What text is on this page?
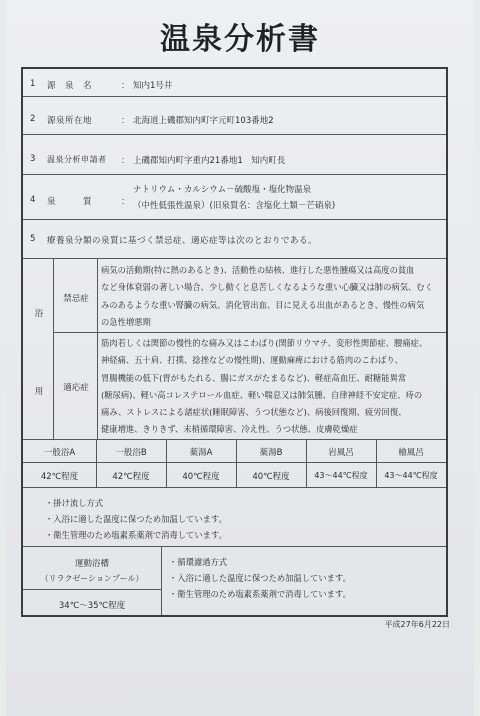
温泉分析書
1 源　泉　名	： 知内1号井
2 源泉所在地	： 北海道上磯郡知内町字元町103番地2
3 温泉分析申請者 ： 上磯郡知内町字重内21番地1　知内町長
4 泉　　　質	：
ナトリウム・カルシウム－硫酸塩・塩化物温泉
（中性低張性温泉）(旧泉質名：含塩化土類－芒硝泉)
5 療養泉分類の泉質に基づく禁忌症、適応症等は次のとおりである。
浴
用
禁忌症
病気の活動期(特に熱のあるとき)、活動性の結核、進行した悪性腫瘍又は高度の貧血
など身体衰弱の著しい場合、少し動くと息苦しくなるような重い心臓又は肺の病気、むく
みのあるような重い腎臓の病気、消化管出血、目に見える出血があるとき、慢性の病気
の急性増悪期
適応症
筋肉若しくは関節の慢性的な痛み又はこわばり(関節リウマチ、変形性関節症、腰痛症、
神経痛、五十肩、打撲、捻挫などの慢性期)、運動麻痺における筋肉のこわばり、
胃腸機能の低下(胃がもたれる、腸にガスがたまるなど)、軽症高血圧、耐糖能異常
(糖尿病)、軽い高コレステロール血症、軽い喘息又は肺気腫、自律神経不安定症、痔の
痛み、ストレスによる諸症状(睡眠障害、うつ状態など)、病後回復期、疲労回復、
健康増進、きりきず、末梢循環障害、冷え性、うつ状態、皮膚乾燥症
一般浴A	一般浴B	薬湯A	薬湯B	岩風呂	檜風呂
42℃程度	42℃程度	40℃程度	40℃程度	43～44℃程度	43～44℃程度
・掛け流し方式
・入浴に適した温度に保つため加温しています。
・衛生管理のため塩素系薬剤で消毒しています。
運動浴槽
（リラクゼーションプール）
34℃～35℃程度
・循環濾過方式
・入浴に適した温度に保つため加温しています。
・衛生管理のため塩素系薬剤で消毒しています。
平成27年6月22日
